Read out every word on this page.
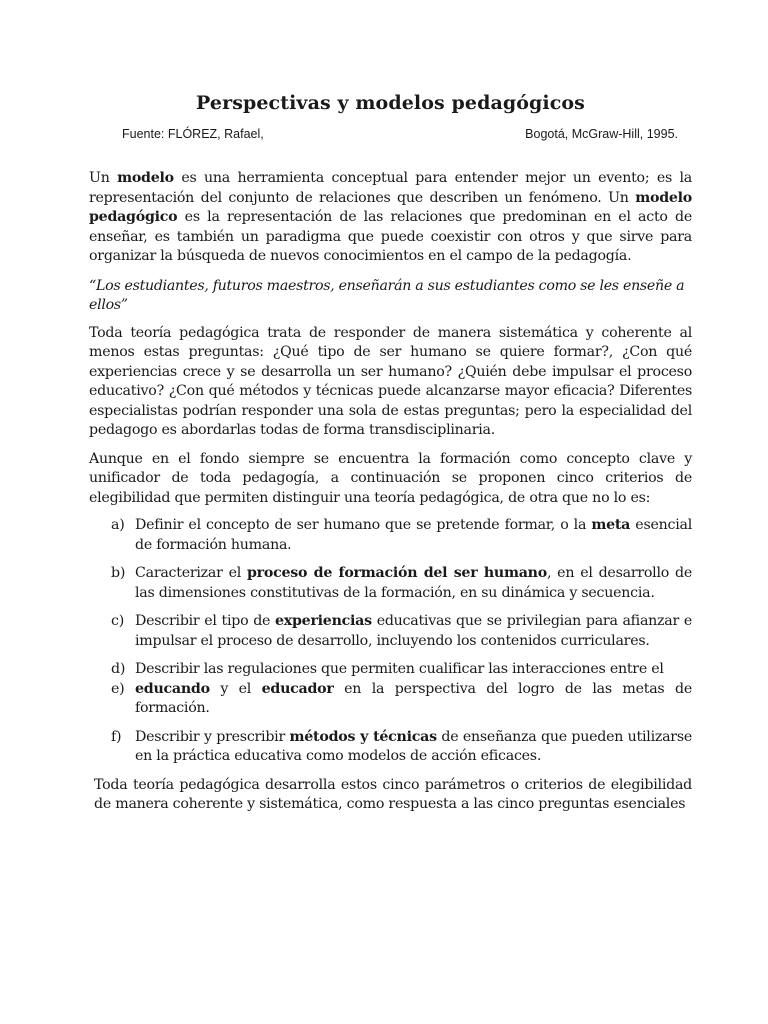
Perspectivas y modelos pedagógicos
Fuente: FLÓREZ, Rafael,	Bogotá, McGraw-Hill, 1995.

Un modelo es una herramienta conceptual para entender mejor un evento; es la representación del conjunto de relaciones que describen un fenómeno. Un modelo pedagógico es la representación de las relaciones que predominan en el acto de enseñar, es también un paradigma que puede coexistir con otros y que sirve para organizar la búsqueda de nuevos conocimientos en el campo de la pedagogía.

“Los estudiantes, futuros maestros, enseñarán a sus estudiantes como se les enseñe a ellos”

Toda teoría pedagógica trata de responder de manera sistemática y coherente al menos estas preguntas: ¿Qué tipo de ser humano se quiere formar?, ¿Con qué experiencias crece y se desarrolla un ser humano? ¿Quién debe impulsar el proceso educativo? ¿Con qué métodos y técnicas puede alcanzarse mayor eficacia? Diferentes especialistas podrían responder una sola de estas preguntas; pero la especialidad del pedagogo es abordarlas todas de forma transdisciplinaria.

Aunque en el fondo siempre se encuentra la formación como concepto clave y unificador de toda pedagogía, a continuación se proponen cinco criterios de elegibilidad que permiten distinguir una teoría pedagógica, de otra que no lo es:

a) Definir el concepto de ser humano que se pretende formar, o la meta esencial de formación humana.
b) Caracterizar el proceso de formación del ser humano, en el desarrollo de las dimensiones constitutivas de la formación, en su dinámica y secuencia.
c) Describir el tipo de experiencias educativas que se privilegian para afianzar e impulsar el proceso de desarrollo, incluyendo los contenidos curriculares.
d) Describir las regulaciones que permiten cualificar las interacciones entre el
e) educando y el educador en la perspectiva del logro de las metas de formación.
f) Describir y prescribir métodos y técnicas de enseñanza que pueden utilizarse en la práctica educativa como modelos de acción eficaces.

Toda teoría pedagógica desarrolla estos cinco parámetros o criterios de elegibilidad de manera coherente y sistemática, como respuesta a las cinco preguntas esenciales
